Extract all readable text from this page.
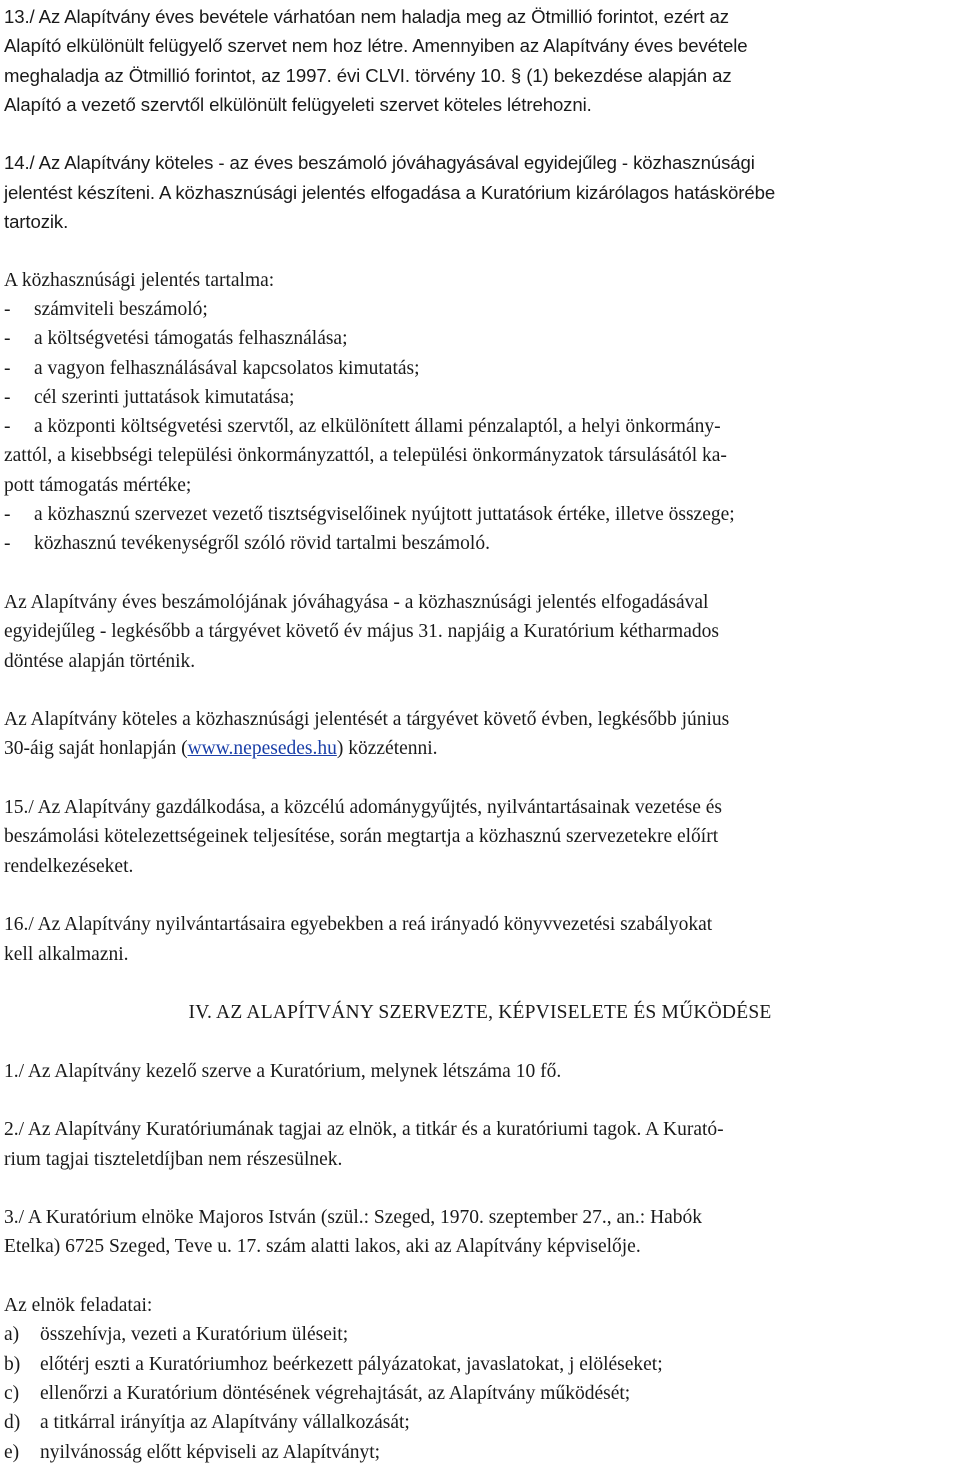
13./ Az Alapítvány éves bevétele várhatóan nem haladja meg az Ötmillió forintot, ezért az
Alapító elkülönült felügyelő szervet nem hoz létre. Amennyiben az Alapítvány éves bevétele
meghaladja az Ötmillió forintot, az 1997. évi CLVI. törvény 10. § (1) bekezdése alapján az
Alapító a vezető szervtől elkülönült felügyeleti szervet köteles létrehozni.

14./ Az Alapítvány köteles - az éves beszámoló jóváhagyásával egyidejűleg - közhasznúsági
jelentést készíteni. A közhasznúsági jelentés elfogadása a Kuratórium kizárólagos hatáskörébe
tartozik.

A közhasznúsági jelentés tartalma:
-	számviteli beszámoló;
-	a költségvetési támogatás felhasználása;
-	a vagyon felhasználásával kapcsolatos kimutatás;
-	cél szerinti juttatások kimutatása;
-	a központi költségvetési szervtől, az elkülönített állami pénzalaptól, a helyi önkormány-
zattól, a kisebbségi települési önkormányzattól, a települési önkormányzatok társulásától ka-
pott támogatás mértéke;
-	a közhasznú szervezet vezető tisztségviselőinek nyújtott juttatások értéke, illetve összege;
-	közhasznú tevékenységről szóló rövid tartalmi beszámoló.

Az Alapítvány éves beszámolójának jóváhagyása - a közhasznúsági jelentés elfogadásával
egyidejűleg - legkésőbb a tárgyévet követő év május 31. napjáig a Kuratórium kétharmados
döntése alapján történik.

Az Alapítvány köteles a közhasznúsági jelentését a tárgyévet követő évben, legkésőbb június
30-áig saját honlapján (www.nepesedes.hu) közzétenni.

15./ Az Alapítvány gazdálkodása, a közcélú adománygyűjtés, nyilvántartásainak vezetése és
beszámolási kötelezettségeinek teljesítése, során megtartja a közhasznú szervezetekre előírt
rendelkezéseket.

16./ Az Alapítvány nyilvántartásaira egyebekben a reá irányadó könyvvezetési szabályokat
kell alkalmazni.

IV. AZ ALAPÍTVÁNY SZERVEZTE, KÉPVISELETE ÉS MŰKÖDÉSE

1./ Az Alapítvány kezelő szerve a Kuratórium, melynek létszáma 10 fő.

2./ Az Alapítvány Kuratóriumának tagjai az elnök, a titkár és a kuratóriumi tagok. A Kurató-
rium tagjai tiszteletdíjban nem részesülnek.

3./ A Kuratórium elnöke Majoros István (szül.: Szeged, 1970. szeptember 27., an.: Habók
Etelka) 6725 Szeged, Teve u. 17. szám alatti lakos, aki az Alapítvány képviselője.

Az elnök feladatai:
a)	összehívja, vezeti a Kuratórium üléseit;
b)	előtérj eszti a Kuratóriumhoz beérkezett pályázatokat, javaslatokat, j elöléseket;
c)	ellenőrzi a Kuratórium döntésének végrehajtását, az Alapítvány működését;
d)	a titkárral irányítja az Alapítvány vállalkozását;
e)	nyilvánosság előtt képviseli az Alapítványt;
